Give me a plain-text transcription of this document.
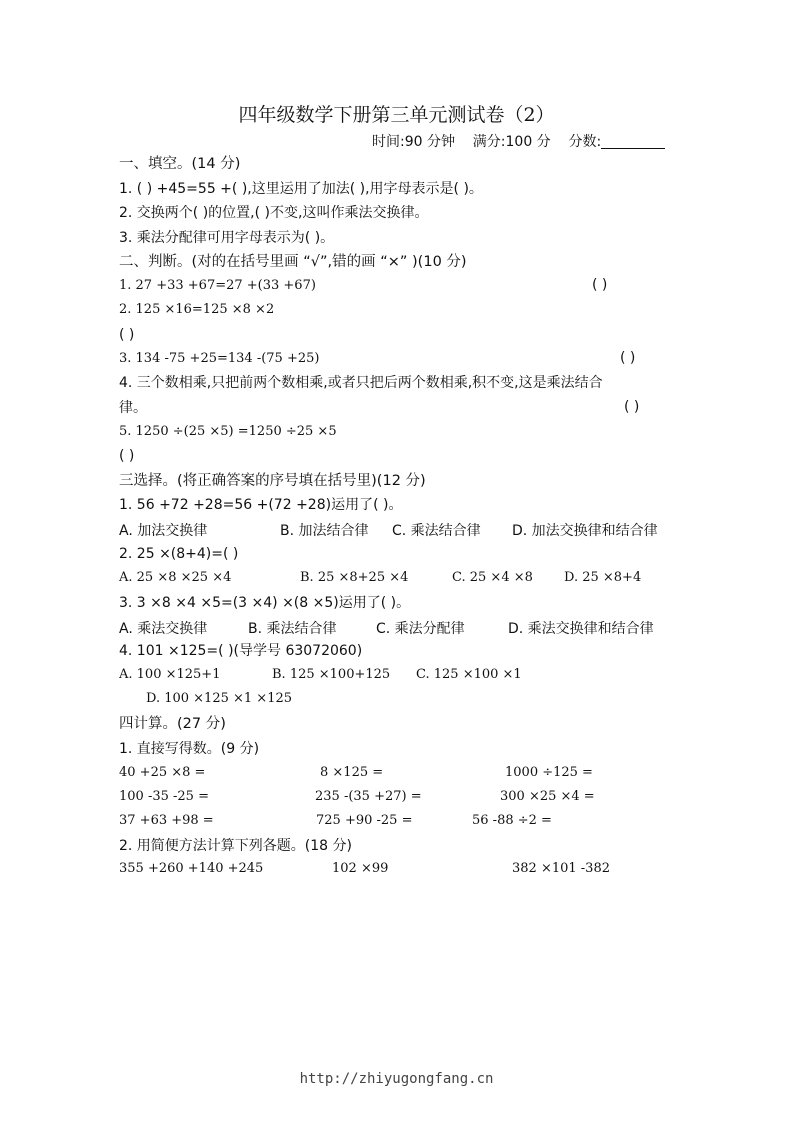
四年级数学下册第三单元测试卷（2）
时间:90 分钟 满分:100 分 分数:
一、填空。(14 分)
1. ( ) +45=55 +( ),这里运用了加法( ),用字母表示是( )。
2. 交换两个( )的位置,( )不变,这叫作乘法交换律。
3. 乘法分配律可用字母表示为( )。
二、判断。(对的在括号里画 “√”,错的画 “×” )(10 分)
1. 27 +33 +67=27 +(33 +67)	( )
2. 125 ×16=125 ×8 ×2
( )
3. 134 -75 +25=134 -(75 +25)	( )
4. 三个数相乘,只把前两个数相乘,或者只把后两个数相乘,积不变,这是乘法结合
律。	( )
5. 1250 ÷(25 ×5) =1250 ÷25 ×5
( )
三选择。(将正确答案的序号填在括号里)(12 分)
1. 56 +72 +28=56 +(72 +28)运用了( )。
A. 加法交换律	B. 加法结合律 C. 乘法结合律 D. 加法交换律和结合律
2. 25 ×(8+4)=( )
A. 25 ×8 ×25 ×4	B. 25 ×8+25 ×4	C. 25 ×4 ×8 D. 25 ×8+4
3. 3 ×8 ×4 ×5=(3 ×4) ×(8 ×5)运用了( )。
A. 乘法交换律	B. 乘法结合律	C. 乘法分配律	D. 乘法交换律和结合律
4. 101 ×125=( )(导学号 63072060)
A. 100 ×125+1	B. 125 ×100+125 C. 125 ×100 ×1
D. 100 ×125 ×1 ×125
四计算。(27 分)
1. 直接写得数。(9 分)
40 +25 ×8 =	8 ×125 =	1000 ÷125 =
100 -35 -25 =	235 -(35 +27) =	300 ×25 ×4 =
37 +63 +98 =	725 +90 -25 =	56 -88 ÷2 =
2. 用简便方法计算下列各题。(18 分)
355 +260 +140 +245	102 ×99	382 ×101 -382
http://zhiyugongfang.cn
